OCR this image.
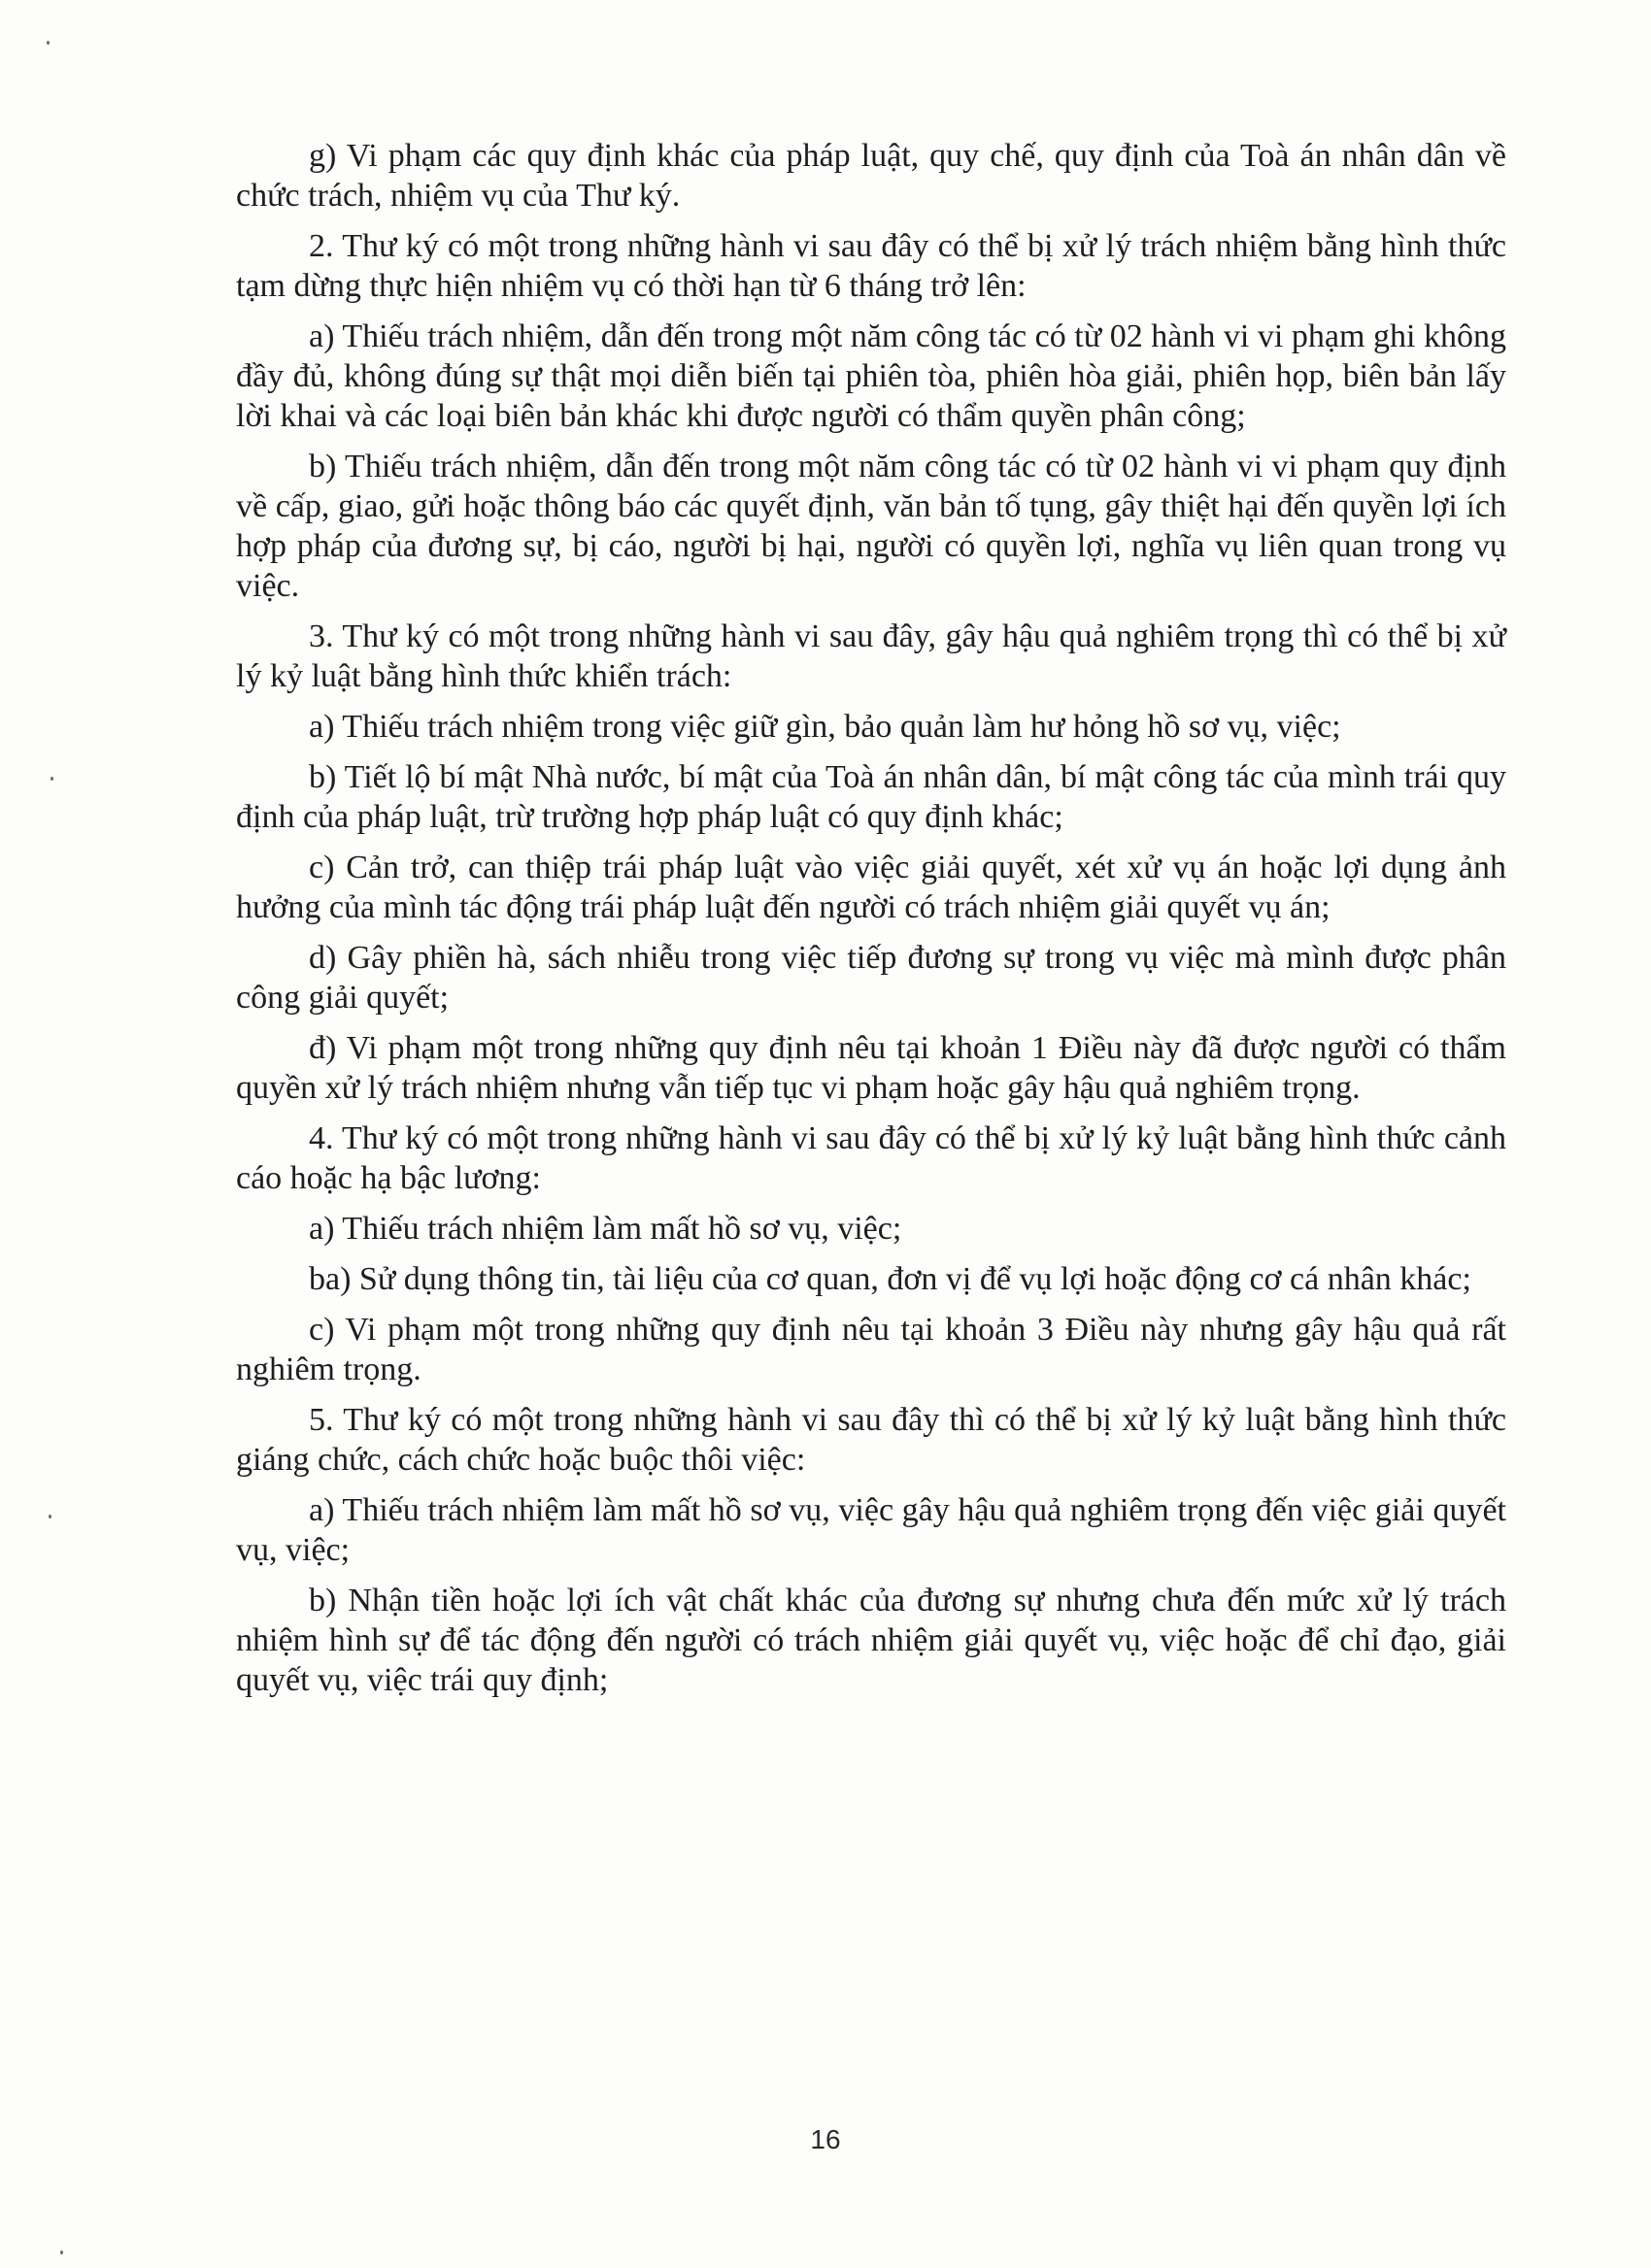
g) Vi phạm các quy định khác của pháp luật, quy chế, quy định của Toà án nhân dân về chức trách, nhiệm vụ của Thư ký.

2. Thư ký có một trong những hành vi sau đây có thể bị xử lý trách nhiệm bằng hình thức tạm dừng thực hiện nhiệm vụ có thời hạn từ 6 tháng trở lên:

a) Thiếu trách nhiệm, dẫn đến trong một năm công tác có từ 02 hành vi vi phạm ghi không đầy đủ, không đúng sự thật mọi diễn biến tại phiên tòa, phiên hòa giải, phiên họp, biên bản lấy lời khai và các loại biên bản khác khi được người có thẩm quyền phân công;

b) Thiếu trách nhiệm, dẫn đến trong một năm công tác có từ 02 hành vi vi phạm quy định về cấp, giao, gửi hoặc thông báo các quyết định, văn bản tố tụng, gây thiệt hại đến quyền lợi ích hợp pháp của đương sự, bị cáo, người bị hại, người có quyền lợi, nghĩa vụ liên quan trong vụ việc.

3. Thư ký có một trong những hành vi sau đây, gây hậu quả nghiêm trọng thì có thể bị xử lý kỷ luật bằng hình thức khiển trách:

a) Thiếu trách nhiệm trong việc giữ gìn, bảo quản làm hư hỏng hồ sơ vụ, việc;

b) Tiết lộ bí mật Nhà nước, bí mật của Toà án nhân dân, bí mật công tác của mình trái quy định của pháp luật, trừ trường hợp pháp luật có quy định khác;

c) Cản trở, can thiệp trái pháp luật vào việc giải quyết, xét xử vụ án hoặc lợi dụng ảnh hưởng của mình tác động trái pháp luật đến người có trách nhiệm giải quyết vụ án;

d) Gây phiền hà, sách nhiễu trong việc tiếp đương sự trong vụ việc mà mình được phân công giải quyết;

đ) Vi phạm một trong những quy định nêu tại khoản 1 Điều này đã được người có thẩm quyền xử lý trách nhiệm nhưng vẫn tiếp tục vi phạm hoặc gây hậu quả nghiêm trọng.

4. Thư ký có một trong những hành vi sau đây có thể bị xử lý kỷ luật bằng hình thức cảnh cáo hoặc hạ bậc lương:

a) Thiếu trách nhiệm làm mất hồ sơ vụ, việc;

ba) Sử dụng thông tin, tài liệu của cơ quan, đơn vị để vụ lợi hoặc động cơ cá nhân khác;

c) Vi phạm một trong những quy định nêu tại khoản 3 Điều này nhưng gây hậu quả rất nghiêm trọng.

5. Thư ký có một trong những hành vi sau đây thì có thể bị xử lý kỷ luật bằng hình thức giáng chức, cách chức hoặc buộc thôi việc:

a) Thiếu trách nhiệm làm mất hồ sơ vụ, việc gây hậu quả nghiêm trọng đến việc giải quyết vụ, việc;

b) Nhận tiền hoặc lợi ích vật chất khác của đương sự nhưng chưa đến mức xử lý trách nhiệm hình sự để tác động đến người có trách nhiệm giải quyết vụ, việc hoặc để chỉ đạo, giải quyết vụ, việc trái quy định;

16
